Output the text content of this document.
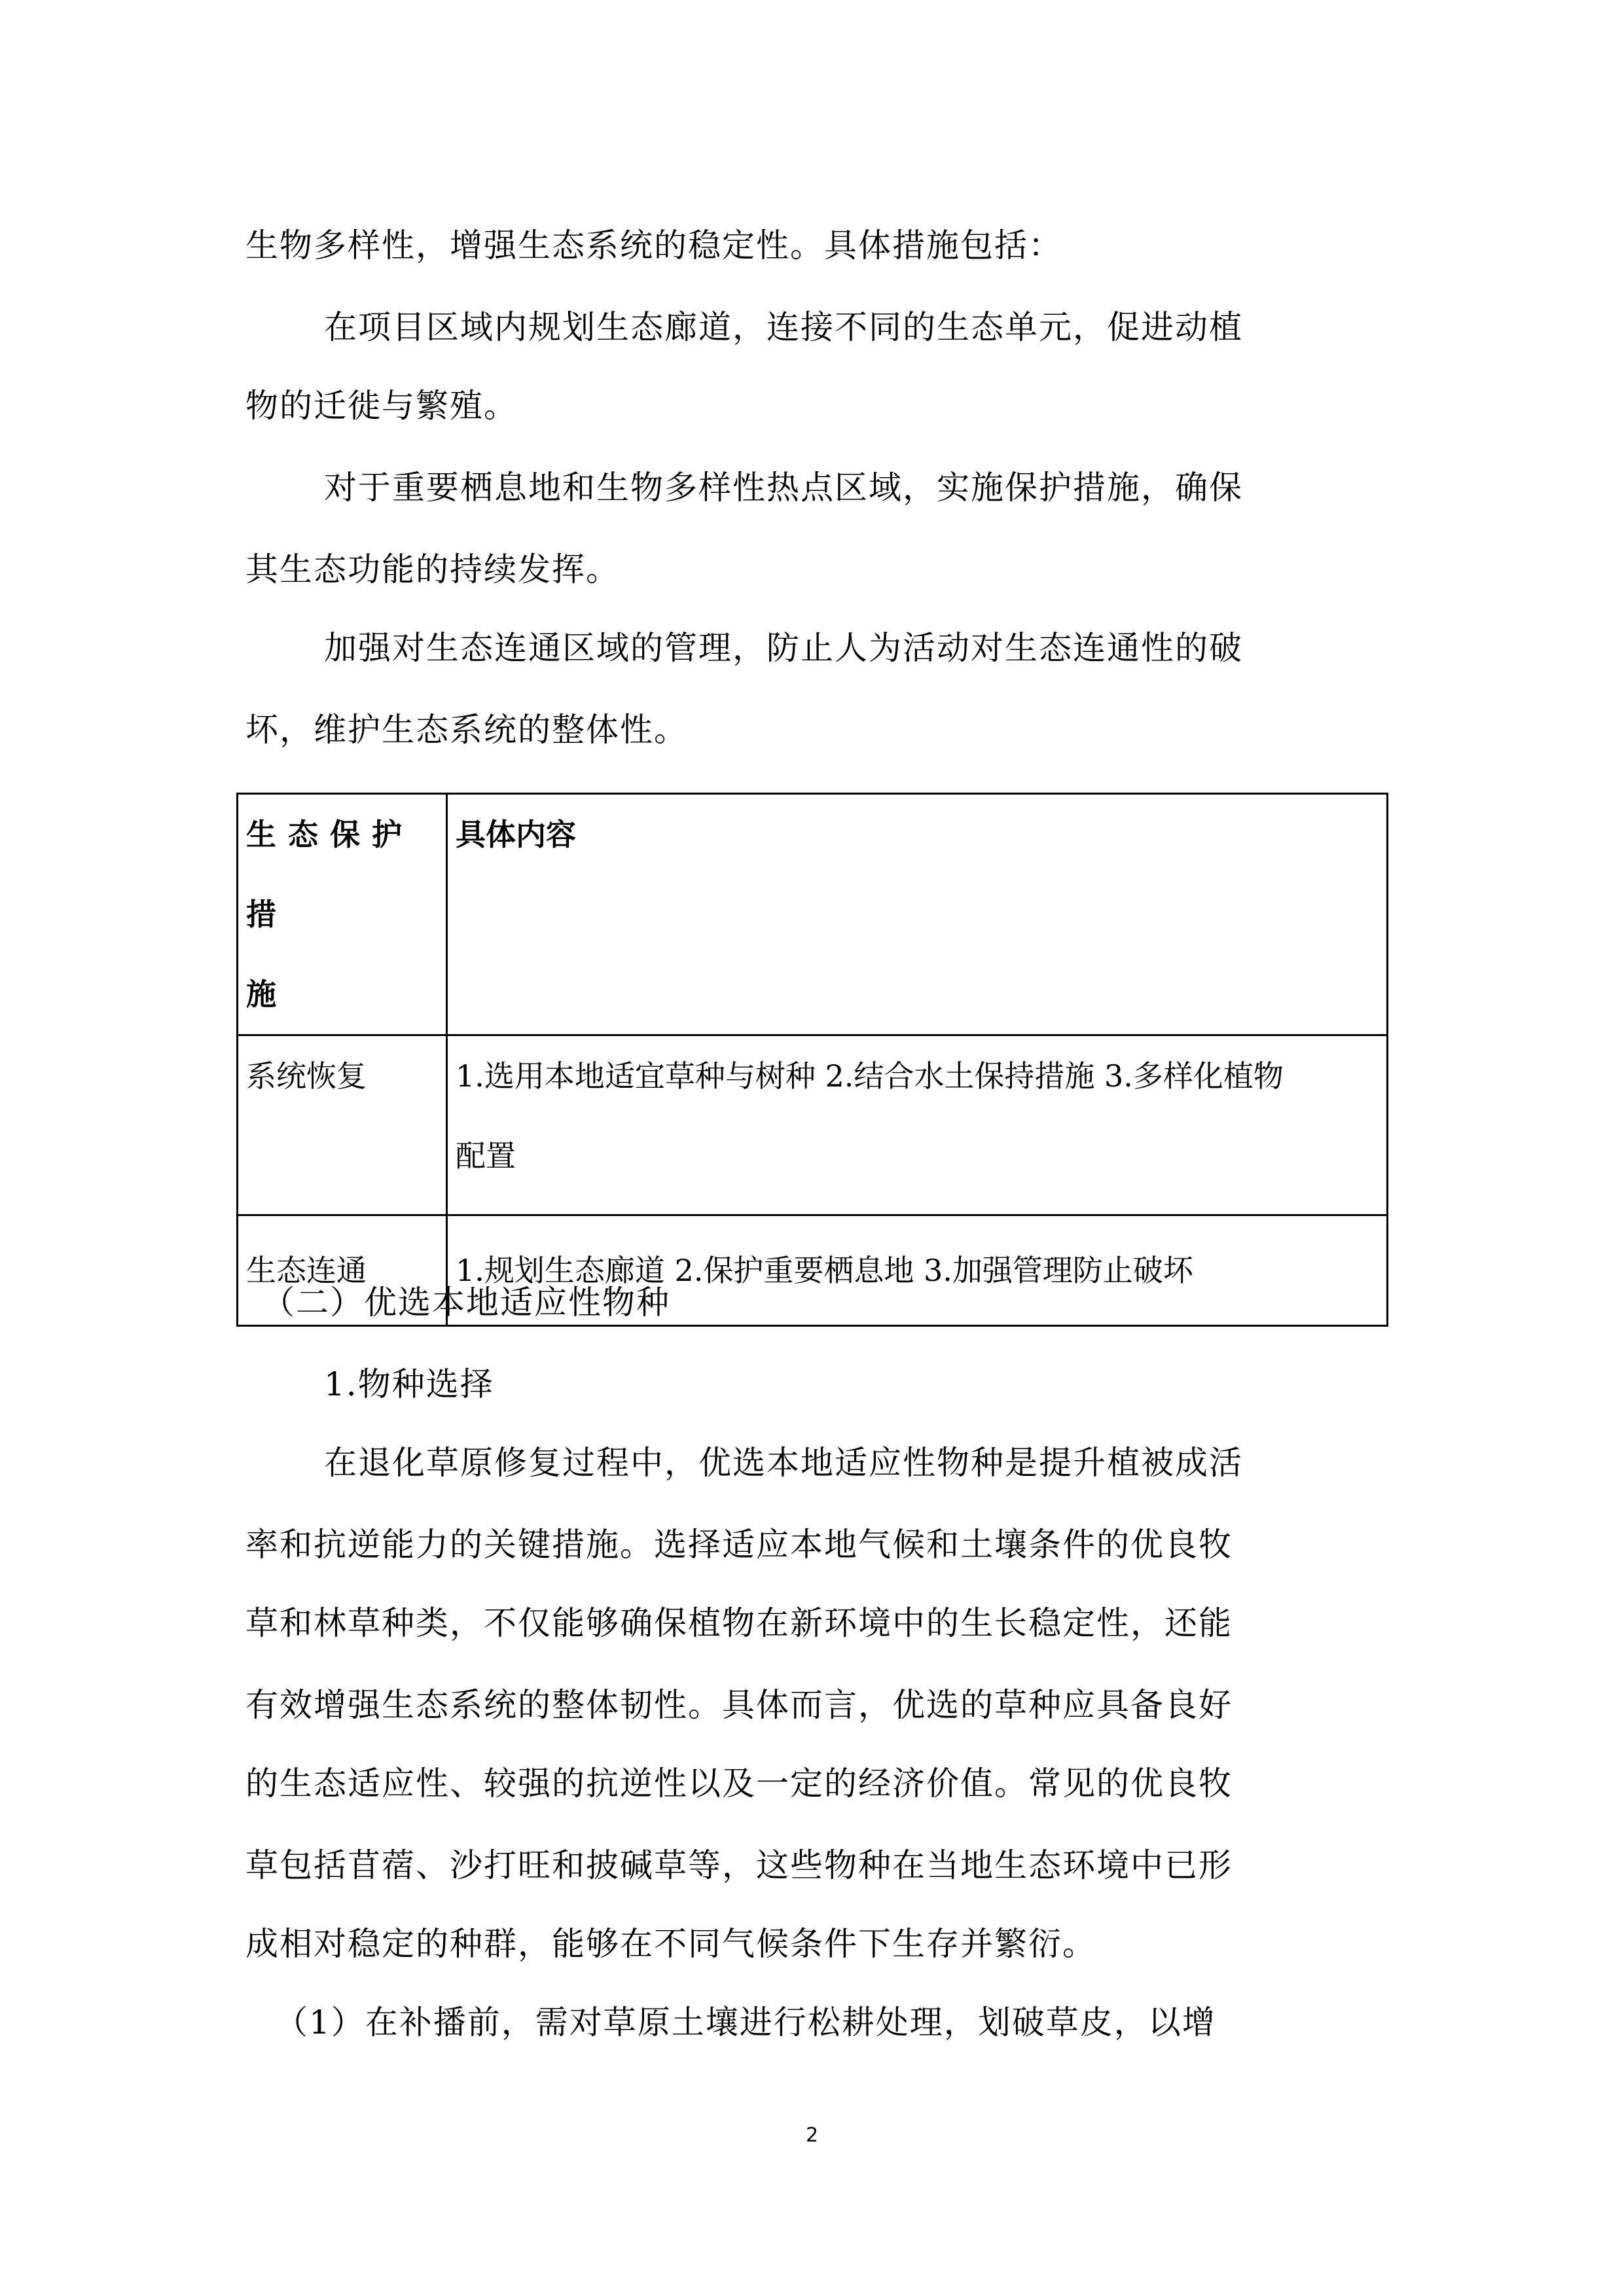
生物多样性，增强生态系统的稳定性。具体措施包括：
在项目区域内规划生态廊道，连接不同的生态单元，促进动植
物的迁徙与繁殖。
对于重要栖息地和生物多样性热点区域，实施保护措施，确保
其生态功能的持续发挥。
加强对生态连通区域的管理，防止人为活动对生态连通性的破
坏，维护生态系统的整体性。
生态保护措
施	具体内容

系统恢复	1.选用本地适宜草种与树种 2.结合水土保持措施 3.多样化植物
配置

生态连通	1.规划生态廊道 2.保护重要栖息地 3.加强管理防止破坏
（二）优选本地适应性物种
1.物种选择
在退化草原修复过程中，优选本地适应性物种是提升植被成活
率和抗逆能力的关键措施。选择适应本地气候和土壤条件的优良牧
草和林草种类，不仅能够确保植物在新环境中的生长稳定性，还能
有效增强生态系统的整体韧性。具体而言，优选的草种应具备良好
的生态适应性、较强的抗逆性以及一定的经济价值。常见的优良牧
草包括苜蓿、沙打旺和披碱草等，这些物种在当地生态环境中已形
成相对稳定的种群，能够在不同气候条件下生存并繁衍。
（1）在补播前，需对草原土壤进行松耕处理，划破草皮，以增
2
